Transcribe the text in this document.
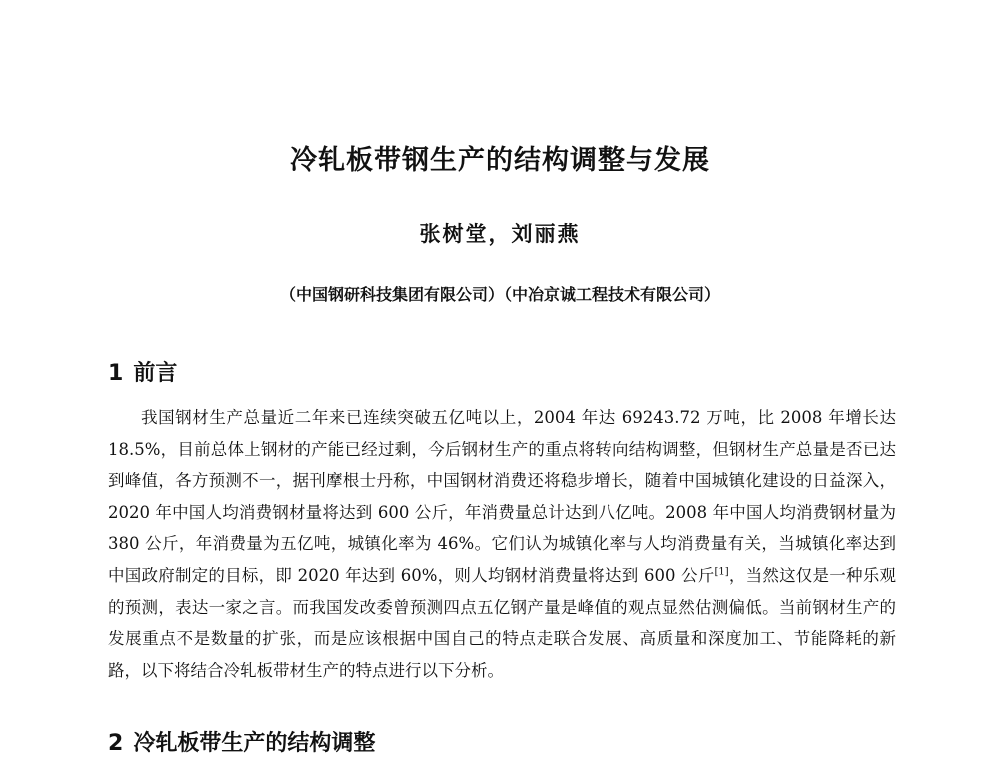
冷轧板带钢生产的结构调整与发展
张树堂，刘丽燕
（中国钢研科技集团有限公司）（中冶京诚工程技术有限公司）
1 前言
我国钢材生产总量近二年来已连续突破五亿吨以上，2004 年达 69243.72 万吨，比 2008 年增长达 18.5%，目前总体上钢材的产能已经过剩，今后钢材生产的重点将转向结构调整，但钢材生产总量是否已达到峰值，各方预测不一，据刊摩根士丹称，中国钢材消费还将稳步增长，随着中国城镇化建设的日益深入，2020 年中国人均消费钢材量将达到 600 公斤，年消费量总计达到八亿吨。2008 年中国人均消费钢材量为 380 公斤，年消费量为五亿吨，城镇化率为 46%。它们认为城镇化率与人均消费量有关，当城镇化率达到中国政府制定的目标，即 2020 年达到 60%，则人均钢材消费量将达到 600 公斤[1]，当然这仅是一种乐观的预测，表达一家之言。而我国发改委曾预测四点五亿钢产量是峰值的观点显然估测偏低。当前钢材生产的发展重点不是数量的扩张，而是应该根据中国自己的特点走联合发展、高质量和深度加工、节能降耗的新路，以下将结合冷轧板带材生产的特点进行以下分析。
2 冷轧板带生产的结构调整
